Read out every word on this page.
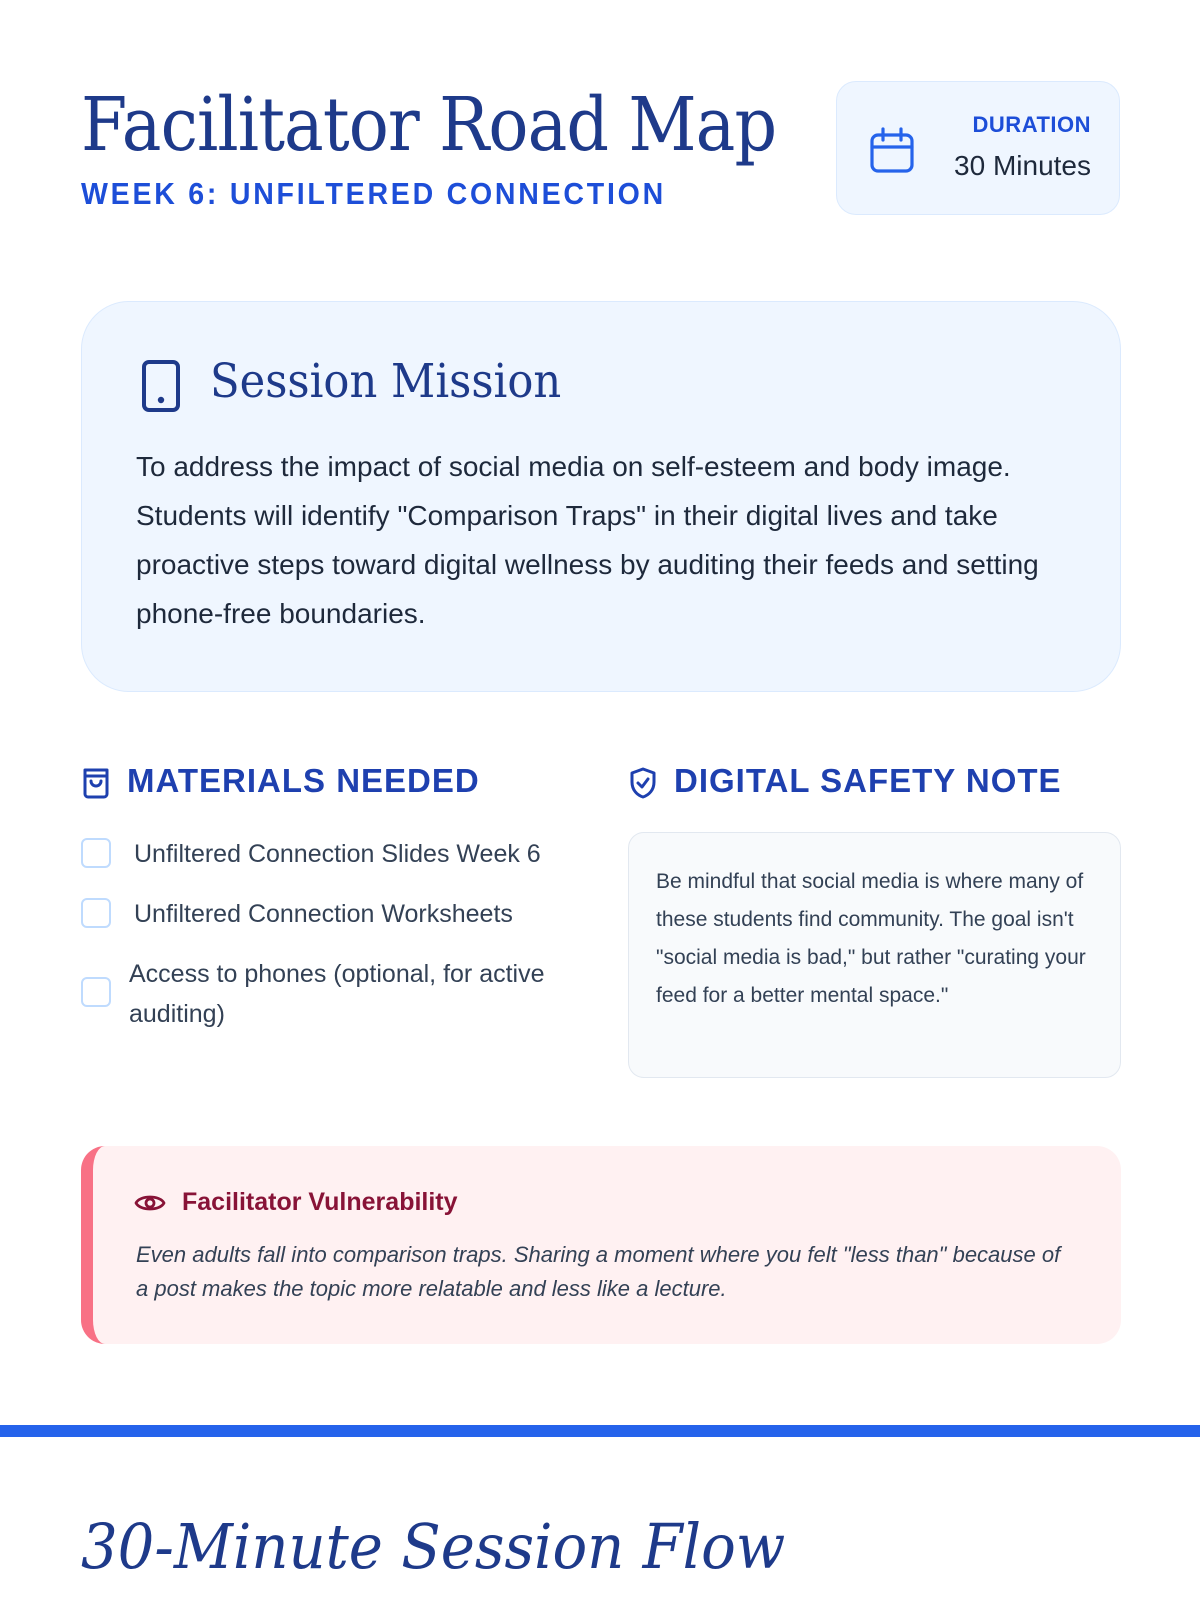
Facilitator Road Map
WEEK 6: UNFILTERED CONNECTION
DURATION
30 Minutes
Session Mission
To address the impact of social media on self-esteem and body image. Students will identify "Comparison Traps" in their digital lives and take proactive steps toward digital wellness by auditing their feeds and setting phone-free boundaries.
MATERIALS NEEDED	DIGITAL SAFETY NOTE
Unfiltered Connection Slides Week 6
Unfiltered Connection Worksheets
Access to phones (optional, for active auditing)
Be mindful that social media is where many of these students find community. The goal isn't "social media is bad," but rather "curating your feed for a better mental space."
Facilitator Vulnerability
Even adults fall into comparison traps. Sharing a moment where you felt "less than" because of a post makes the topic more relatable and less like a lecture.
30-Minute Session Flow
